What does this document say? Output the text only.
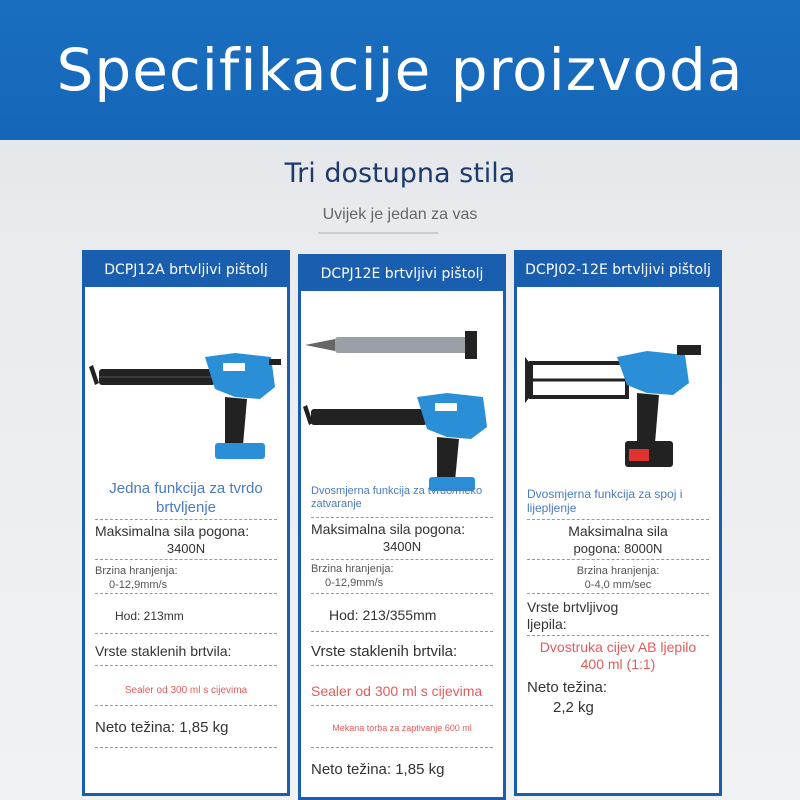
Specifikacije proizvoda
Tri dostupna stila
Uvijek je jedan za vas
DCPJ12A brtvljivi pištolj
Jedna funkcija za tvrdo brtvljenje
Maksimalna sila pogona:
3400N
Brzina hranjenja:
0-12,9mm/s
Hod: 213mm
Vrste staklenih brtvila:
Sealer od 300 ml s cijevima
Neto težina: 1,85 kg
DCPJ12E brtvljivi pištolj
Dvosmjerna funkcija za tvrdo/meko zatvaranje
Maksimalna sila pogona:
3400N
Brzina hranjenja:
0-12,9mm/s
Hod: 213/355mm
Vrste staklenih brtvila:
Sealer od 300 ml s cijevima
Mekana torba za zaptivanje 600 ml
Neto težina: 1,85 kg
DCPJ02-12E brtvljivi pištolj
Dvosmjerna funkcija za spoj i lijepljenje
Maksimalna sila
pogona: 8000N
Brzina hranjenja:
0-4,0 mm/sec
Vrste brtvljivog ljepila:
Dvostruka cijev AB ljepilo 400 ml (1:1)
Neto težina:
2,2 kg
